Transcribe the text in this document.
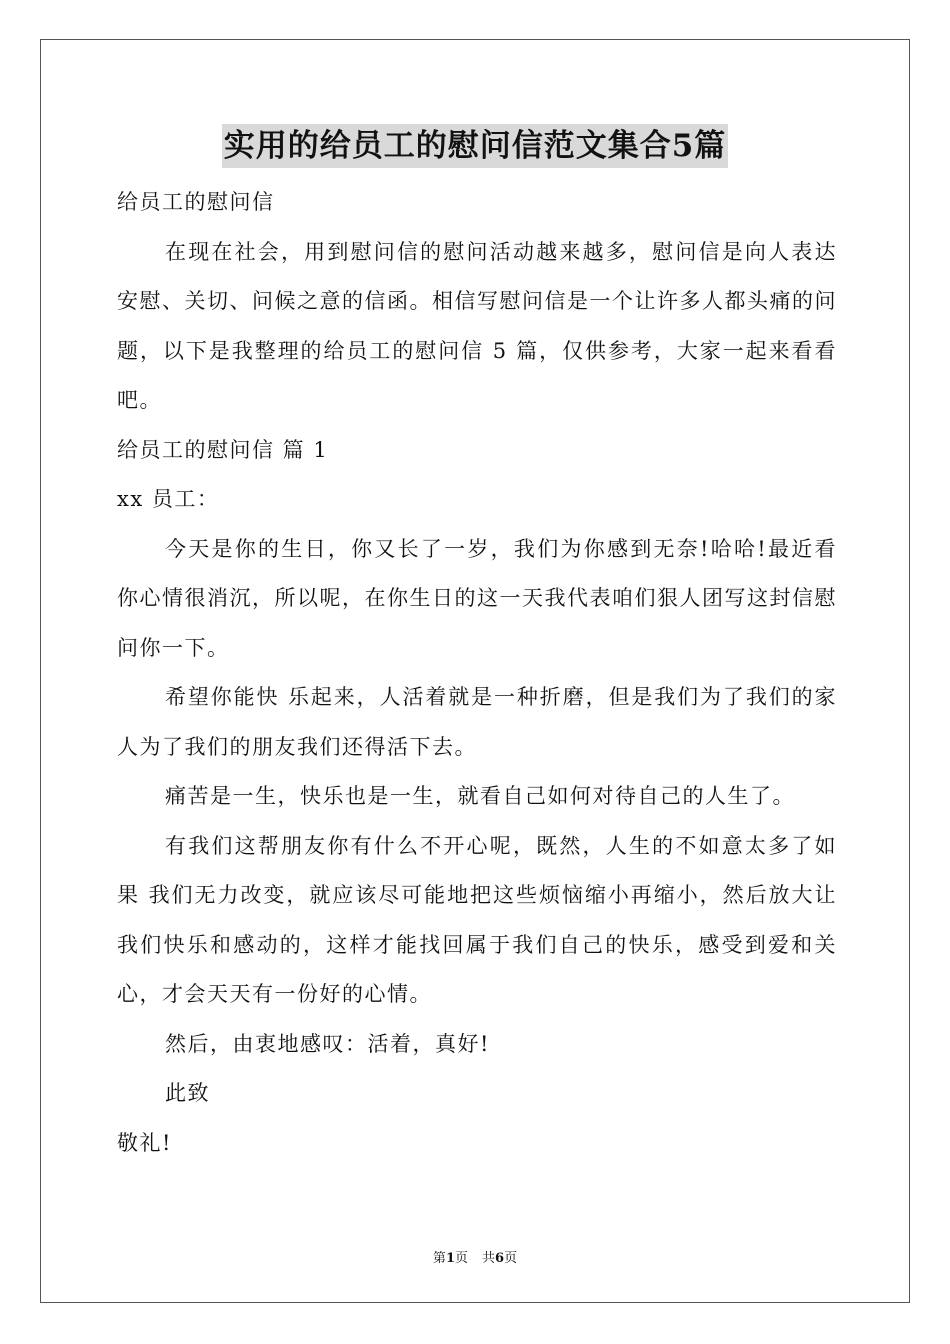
实用的给员工的慰问信范文集合5篇

给员工的慰问信

在现在社会，用到慰问信的慰问活动越来越多，慰问信是向人表达安慰、关切、问候之意的信函。相信写慰问信是一个让许多人都头痛的问题，以下是我整理的给员工的慰问信 5 篇，仅供参考，大家一起来看看吧。

给员工的慰问信 篇 1

xx 员工：

今天是你的生日，你又长了一岁，我们为你感到无奈!哈哈!最近看你心情很消沉，所以呢，在你生日的这一天我代表咱们狠人团写这封信慰问你一下。

希望你能快 乐起来，人活着就是一种折磨，但是我们为了我们的家人为了我们的朋友我们还得活下去。

痛苦是一生，快乐也是一生，就看自己如何对待自己的人生了。

有我们这帮朋友你有什么不开心呢，既然，人生的不如意太多了如果 我们无力改变，就应该尽可能地把这些烦恼缩小再缩小，然后放大让 我们快乐和感动的，这样才能找回属于我们自己的快乐，感受到爱和关心，才会天天有一份好的心情。

然后，由衷地感叹：活着，真好!

此致

敬礼!

第1页 共6页
